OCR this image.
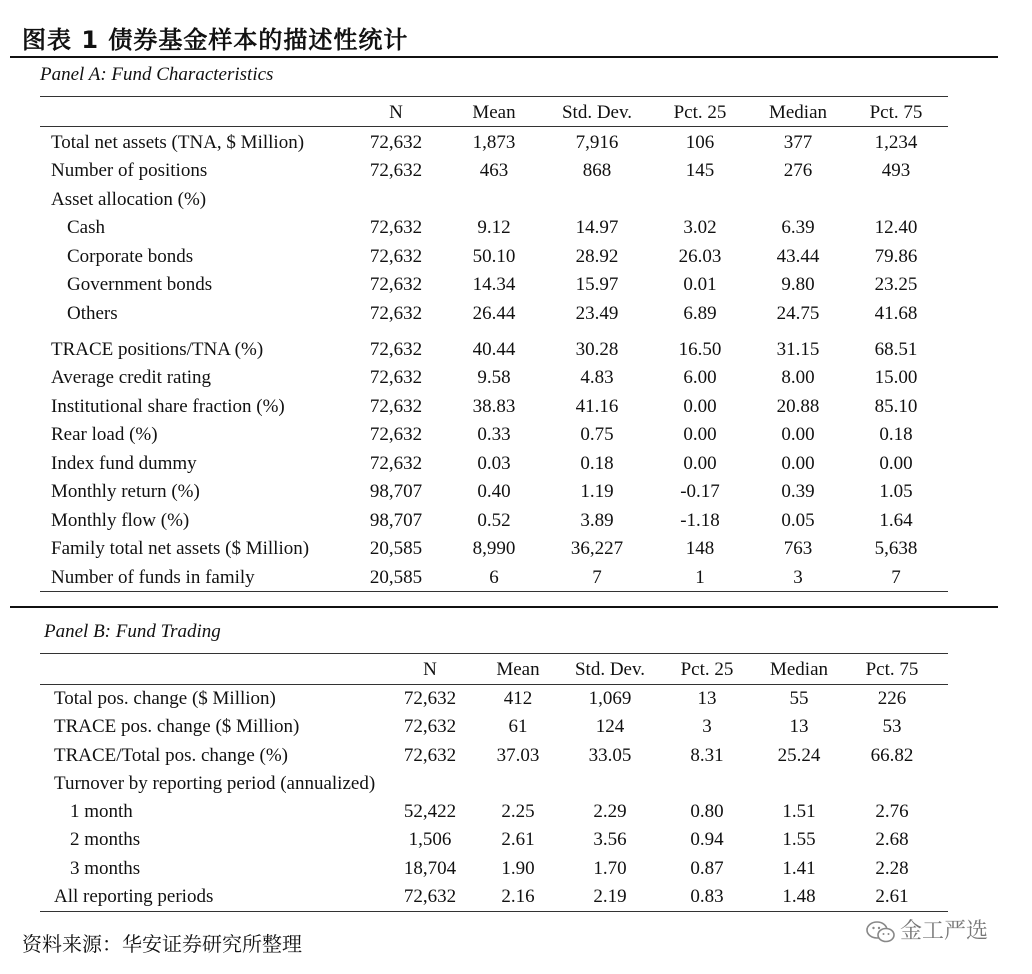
图表 1 债券基金样本的描述性统计
Panel A: Fund Characteristics
N	Mean	Std. Dev.	Pct. 25	Median	Pct. 75
Total net assets (TNA, $ Million)	72,632	1,873	7,916	106	377	1,234
Number of positions	72,632	463	868	145	276	493
Asset allocation (%)
Cash	72,632	9.12	14.97	3.02	6.39	12.40
Corporate bonds	72,632	50.10	28.92	26.03	43.44	79.86
Government bonds	72,632	14.34	15.97	0.01	9.80	23.25
Others	72,632	26.44	23.49	6.89	24.75	41.68
TRACE positions/TNA (%)	72,632	40.44	30.28	16.50	31.15	68.51
Average credit rating	72,632	9.58	4.83	6.00	8.00	15.00
Institutional share fraction (%)	72,632	38.83	41.16	0.00	20.88	85.10
Rear load (%)	72,632	0.33	0.75	0.00	0.00	0.18
Index fund dummy	72,632	0.03	0.18	0.00	0.00	0.00
Monthly return (%)	98,707	0.40	1.19	-0.17	0.39	1.05
Monthly flow (%)	98,707	0.52	3.89	-1.18	0.05	1.64
Family total net assets ($ Million)	20,585	8,990	36,227	148	763	5,638
Number of funds in family	20,585	6	7	1	3	7
Panel B: Fund Trading
N	Mean	Std. Dev.	Pct. 25	Median	Pct. 75
Total pos. change ($ Million)	72,632	412	1,069	13	55	226
TRACE pos. change ($ Million)	72,632	61	124	3	13	53
TRACE/Total pos. change (%)	72,632	37.03	33.05	8.31	25.24	66.82
Turnover by reporting period (annualized)
1 month	52,422	2.25	2.29	0.80	1.51	2.76
2 months	1,506	2.61	3.56	0.94	1.55	2.68
3 months	18,704	1.90	1.70	0.87	1.41	2.28
All reporting periods	72,632	2.16	2.19	0.83	1.48	2.61
资料来源：华安证券研究所整理	金工严选
